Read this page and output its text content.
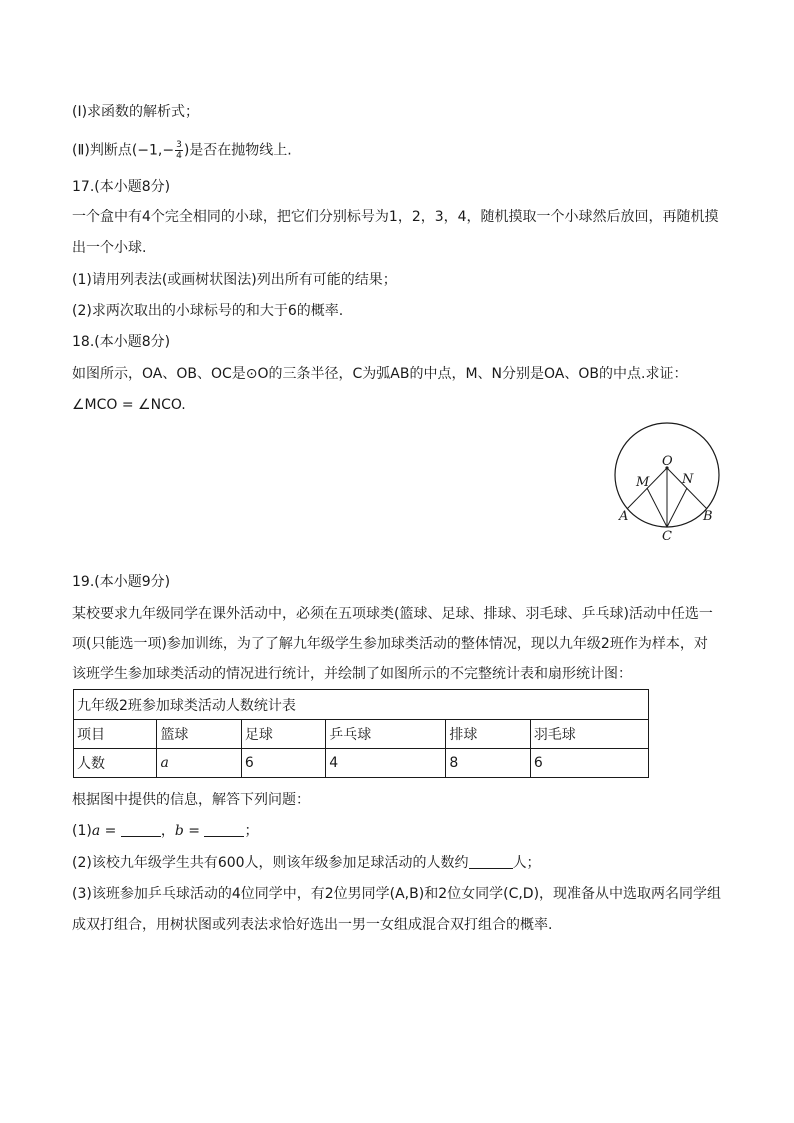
(Ⅰ)求函数的解析式；
(Ⅱ)判断点($-1,- \frac{3}{4}$ )是否在抛物线上.
17.(本小题8分)
一个盒中有4个完全相同的小球，把它们分别标号为1，2，3，4，随机摸取一个小球然后放回，再随机摸
出一个小球.
(1)请用列表法(或画树状图法)列出所有可能的结果；
(2)求两次取出的小球标号的和大于6的概率.
18.(本小题8分)
如图所示，OA、OB、OC是⊙O的三条半径，C为弧AB的中点，M、N分别是OA、OB的中点.求证：
∠MCO = ∠NCO.
O
M	N
A	B
C
19.(本小题9分)
某校要求九年级同学在课外活动中，必须在五项球类(篮球、足球、排球、羽毛球、乒乓球)活动中任选一
项(只能选一项)参加训练，为了了解九年级学生参加球类活动的整体情况，现以九年级2班作为样本，对
该班学生参加球类活动的情况进行统计，并绘制了如图所示的不完整统计表和扇形统计图：
九年级2班参加球类活动人数统计表					
项目	篮球	足球	乒乓球	排球	羽毛球
人数	a	6	4	8	6
根据图中提供的信息，解答下列问题：
(1)a =	，b =	；
(2)该校九年级学生共有600人，则该年级参加足球活动的人数约	人；
(3)该班参加乒乓球活动的4位同学中，有2位男同学(A,B)和2位女同学(C,D)，现准备从中选取两名同学组
成双打组合，用树状图或列表法求恰好选出一男一女组成混合双打组合的概率.
